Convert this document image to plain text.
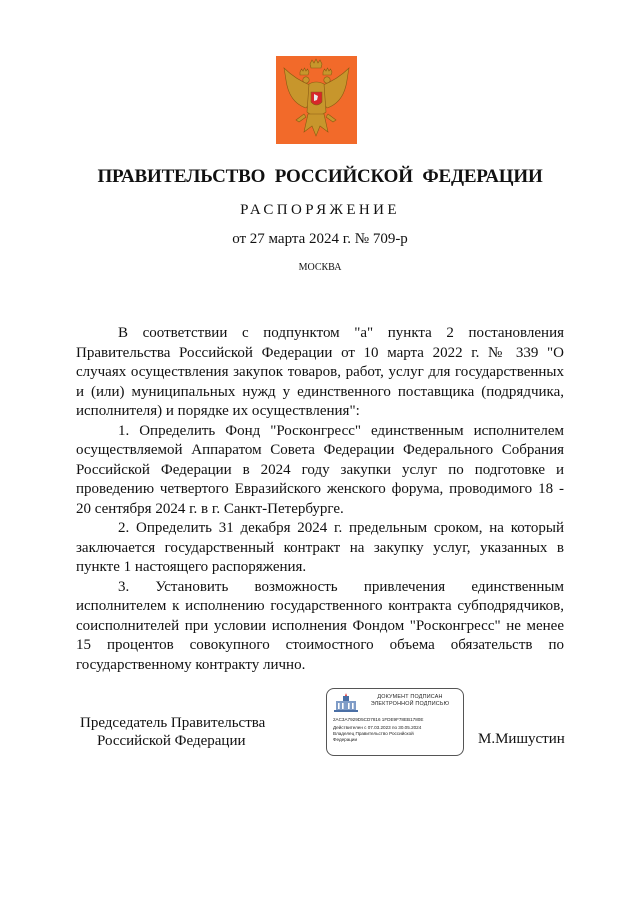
ПРАВИТЕЛЬСТВО РОССИЙСКОЙ ФЕДЕРАЦИИ
РАСПОРЯЖЕНИЕ
от 27 марта 2024 г. № 709-р
МОСКВА

В соответствии с подпунктом "а" пункта 2 постановления Правительства Российской Федерации от 10 марта 2022 г. № 339 "О случаях осуществления закупок товаров, работ, услуг для государственных и (или) муниципальных нужд у единственного поставщика (подрядчика, исполнителя) и порядке их осуществления":

1. Определить Фонд "Росконгресс" единственным исполнителем осуществляемой Аппаратом Совета Федерации Федерального Собрания Российской Федерации в 2024 году закупки услуг по подготовке и проведению четвертого Евразийского женского форума, проводимого 18 - 20 сентября 2024 г. в г. Санкт-Петербурге.

2. Определить 31 декабря 2024 г. предельным сроком, на который заключается государственный контракт на закупку услуг, указанных в пункте 1 настоящего распоряжения.

3. Установить возможность привлечения единственным исполнителем к исполнению государственного контракта субподрядчиков, соисполнителей при условии исполнения Фондом "Росконгресс" не менее 15 процентов совокупного стоимостного объема обязательств по государственному контракту лично.

Председатель Правительства
Российской Федерации
ДОКУМЕНТ ПОДПИСАН
ЭЛЕКТРОННОЙ ПОДПИСЬЮ
2AC3A7929D5CD7816 1FDE9F78EB1780E
Действителен с 07.03.2023 по 30.05.2024
Владелец Правительство Российской
Федерации	М.Мишустин
